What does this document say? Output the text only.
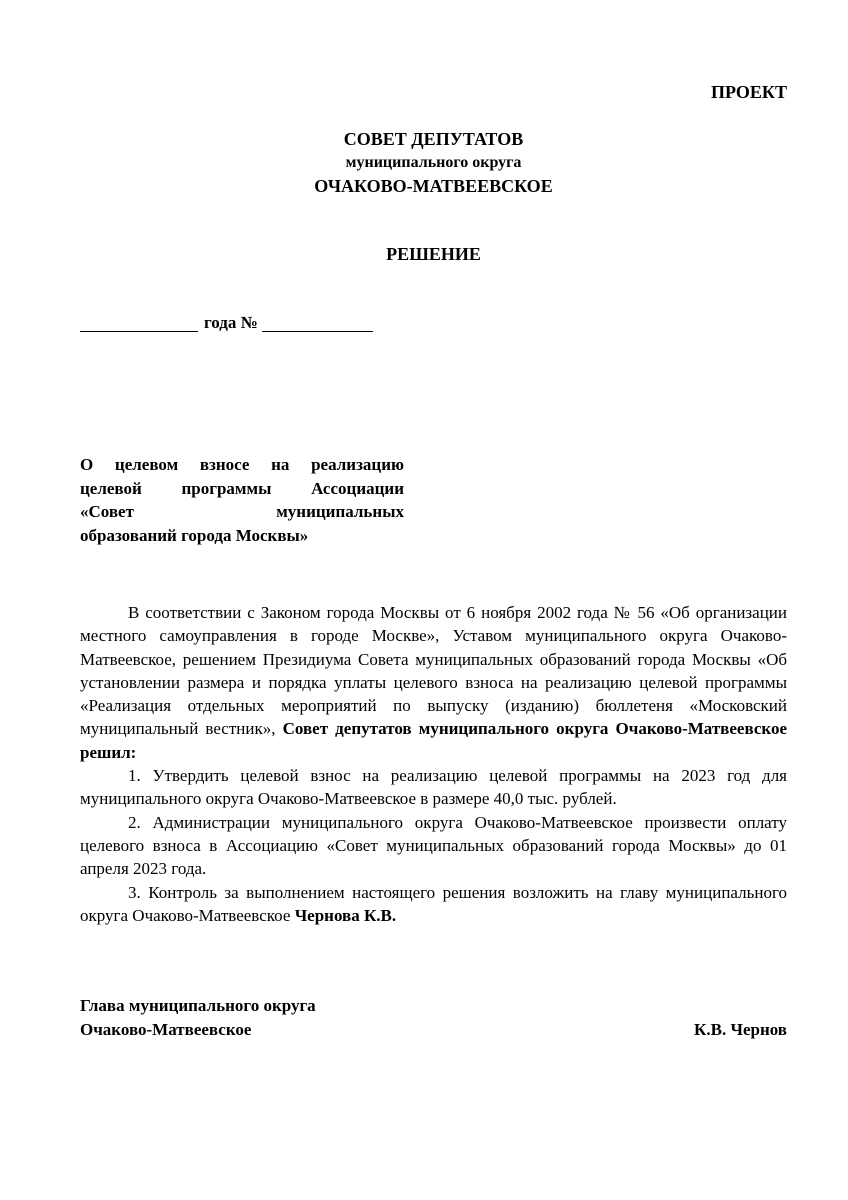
ПРОЕКТ
СОВЕТ ДЕПУТАТОВ
муниципального округа
ОЧАКОВО-МАТВЕЕВСКОЕ
РЕШЕНИЕ
года №
О целевом взносе на реализацию
целевой программы Ассоциации
«Совет муниципальных
образований города Москвы»

В соответствии с Законом города Москвы от 6 ноября 2002 года № 56 «Об организации местного самоуправления в городе Москве», Уставом муниципального округа Очаково-Матвеевское, решением Президиума Совета муниципальных образований города Москвы «Об установлении размера и порядка уплаты целевого взноса на реализацию целевой программы «Реализация отдельных мероприятий по выпуску (изданию) бюллетеня «Московский муниципальный вестник», Совет депутатов муниципального округа Очаково-Матвеевское решил:

1. Утвердить целевой взнос на реализацию целевой программы на 2023 год для муниципального округа Очаково-Матвеевское в размере 40,0 тыс. рублей.

2. Администрации муниципального округа Очаково-Матвеевское произвести оплату целевого взноса в Ассоциацию «Совет муниципальных образований города Москвы» до 01 апреля 2023 года.

3. Контроль за выполнением настоящего решения возложить на главу муниципального округа Очаково-Матвеевское Чернова К.В.

Глава муниципального округа
Очаково-Матвеевское	К.В. Чернов
